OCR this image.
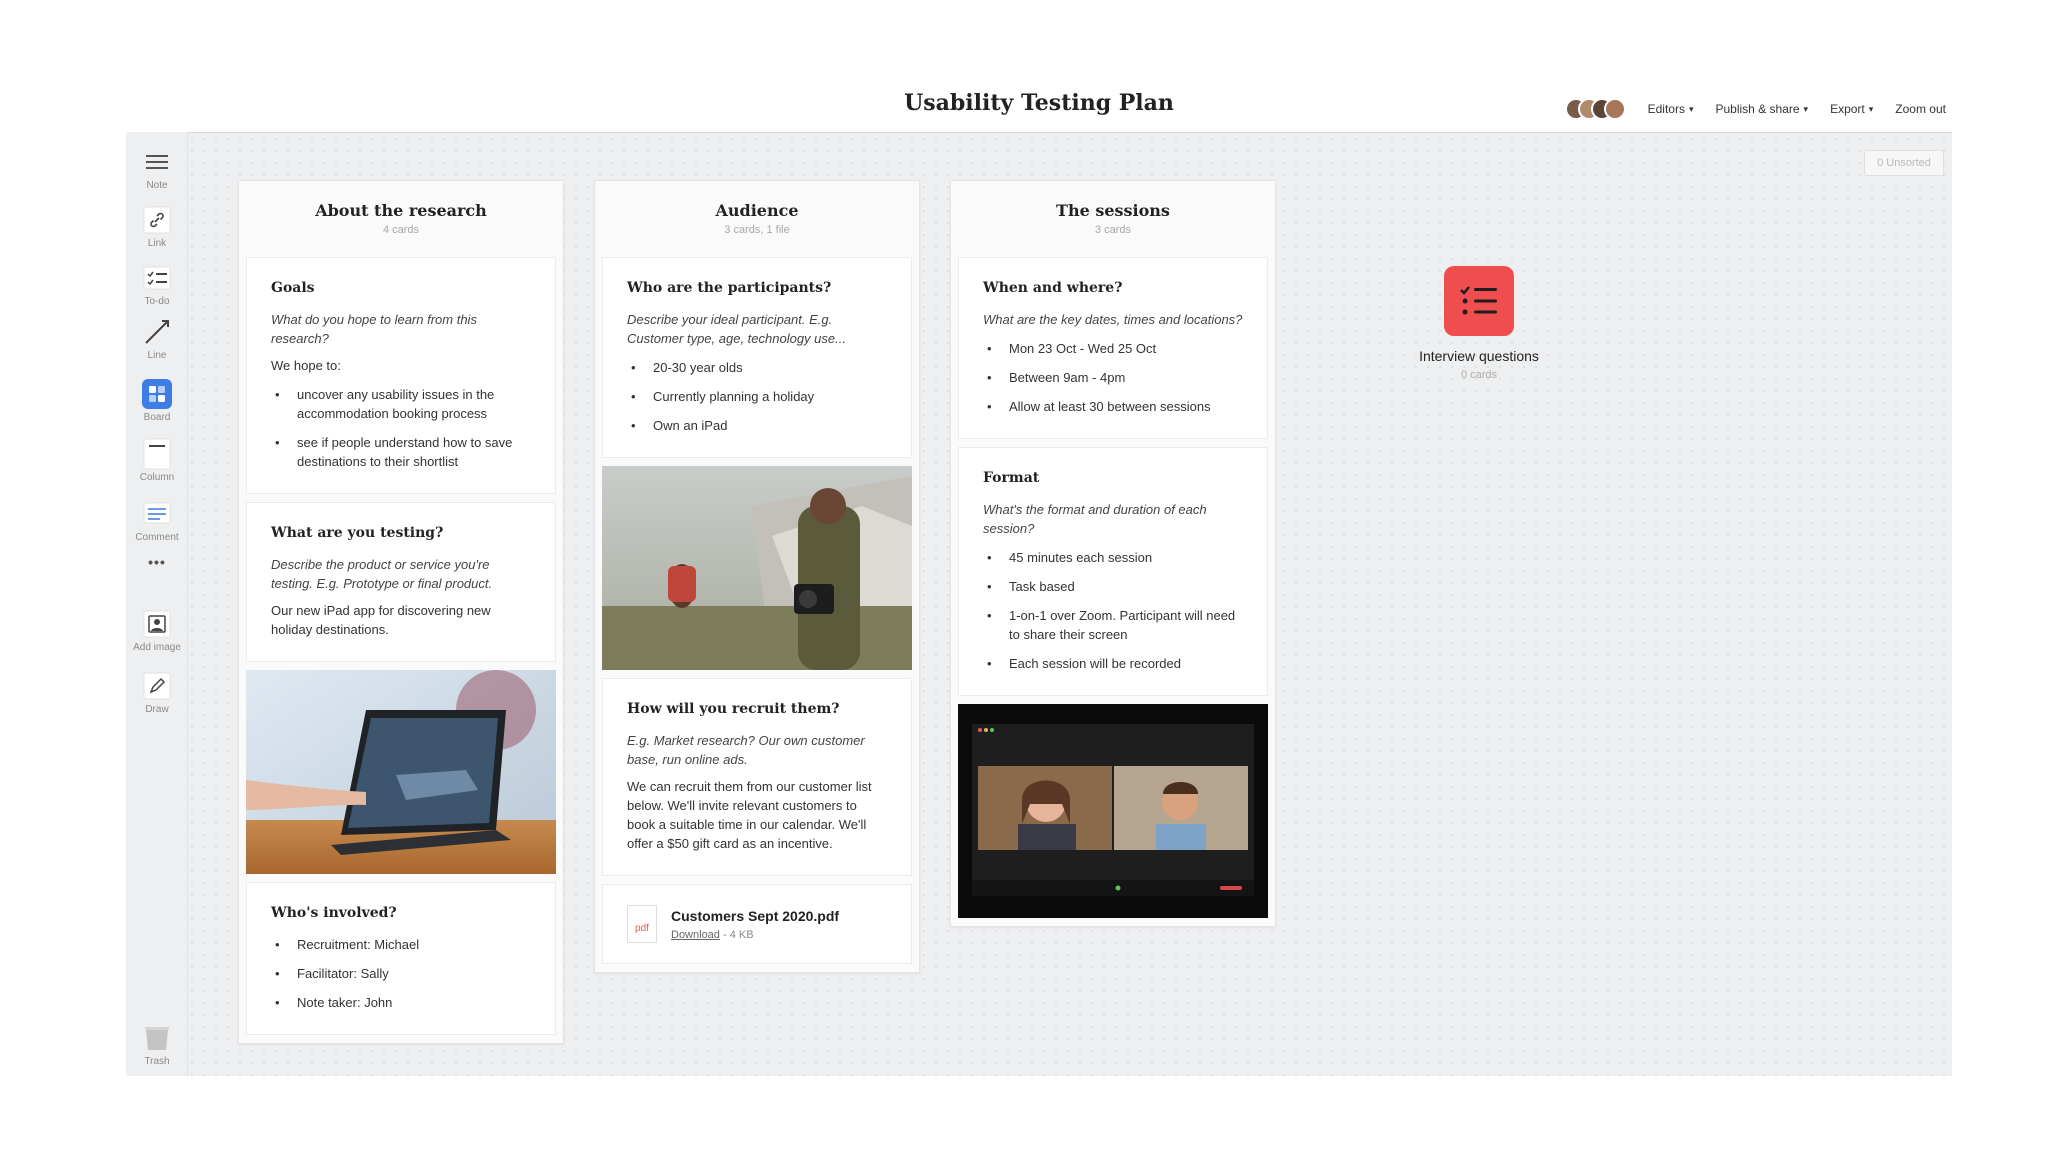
Usability Testing Plan	Editors ▾ Publish & share ▾ Export ▾ Zoom out
Note
Link
To-do
Line
Board
Column
Comment
•••
Add image
Draw
Trash
0 Unsorted
About the research
4 cards
Goals
What do you hope to learn from this research?
We hope to:
• uncover any usability issues in the accommodation booking process
• see if people understand how to save destinations to their shortlist
What are you testing?
Describe the product or service you're testing. E.g. Prototype or final product.
Our new iPad app for discovering new holiday destinations.
Who's involved?
• Recruitment: Michael
• Facilitator: Sally
• Note taker: John
Audience
3 cards, 1 file
Who are the participants?
Describe your ideal participant. E.g. Customer type, age, technology use...
• 20-30 year olds
• Currently planning a holiday
• Own an iPad
How will you recruit them?
E.g. Market research? Our own customer base, run online ads.
We can recruit them from our customer list below. We'll invite relevant customers to book a suitable time in our calendar. We'll offer a $50 gift card as an incentive.
pdf
Customers Sept 2020.pdf
Download - 4 KB
The sessions
3 cards
When and where?
What are the key dates, times and locations?
• Mon 23 Oct - Wed 25 Oct
• Between 9am - 4pm
• Allow at least 30 between sessions
Format
What's the format and duration of each session?
• 45 minutes each session
• Task based
• 1-on-1 over Zoom. Participant will need to share their screen
• Each session will be recorded
Interview questions
0 cards
